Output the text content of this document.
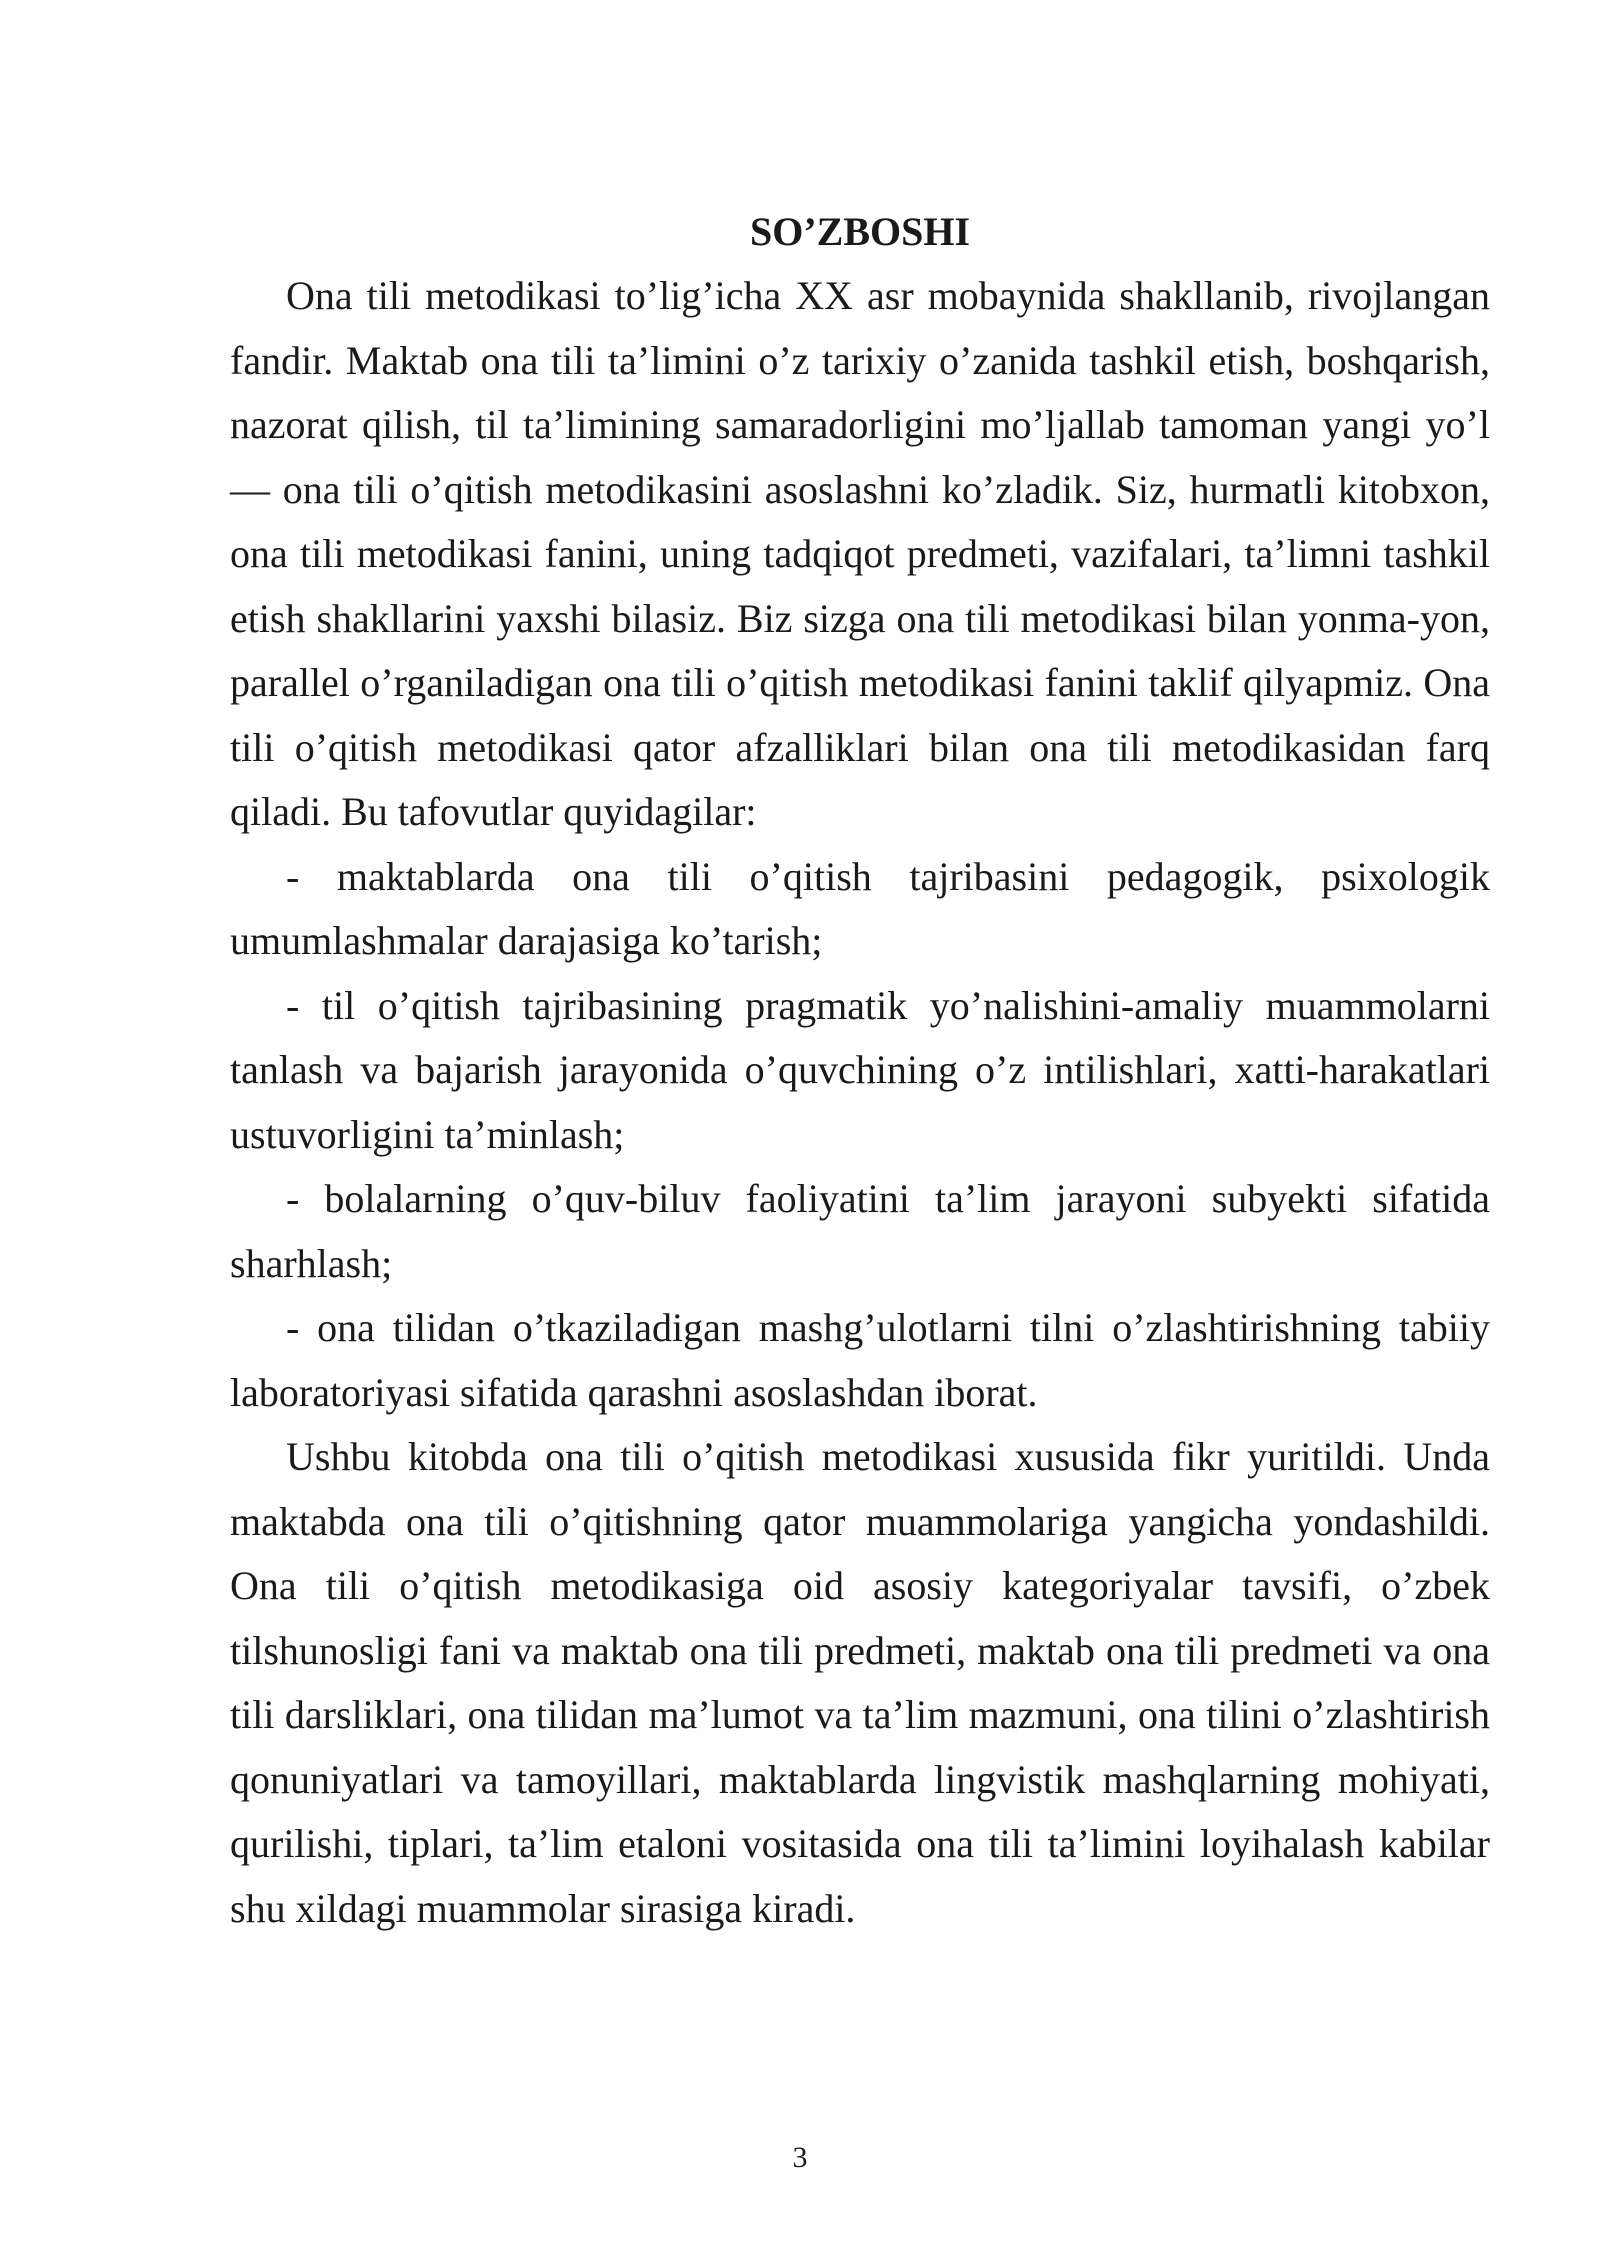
SO’ZBOSHI

Ona tili metodikasi to’lig’icha XX asr mobaynida shakllanib, rivojlangan fandir. Maktab ona tili ta’limini o’z tarixiy o’zanida tashkil etish, boshqarish, nazorat qilish, til ta’limining samaradorligini mo’ljallab tamoman yangi yo’l — ona tili o’qitish metodikasini asoslashni ko’zladik. Siz, hurmatli kitobxon, ona tili metodikasi fanini, uning tadqiqot predmeti, vazifalari, ta’limni tashkil etish shakllarini yaxshi bilasiz. Biz sizga ona tili metodikasi bilan yonma-yon, parallel o’rganiladigan ona tili o’qitish metodikasi fanini taklif qilyapmiz. Ona tili o’qitish metodikasi qator afzalliklari bilan ona tili metodikasidan farq qiladi. Bu tafovutlar quyidagilar:

- maktablarda ona tili o’qitish tajribasini pedagogik, psixologik umumlashmalar darajasiga ko’tarish;

- til o’qitish tajribasining pragmatik yo’nalishini-amaliy muammolarni tanlash va bajarish jarayonida o’quvchining o’z intilishlari, xatti-harakatlari ustuvorligini ta’minlash;

- bolalarning o’quv-biluv faoliyatini ta’lim jarayoni subyekti sifatida sharhlash;

- ona tilidan o’tkaziladigan mashg’ulotlarni tilni o’zlashtirishning tabiiy laboratoriyasi sifatida qarashni asoslashdan iborat.

Ushbu kitobda ona tili o’qitish metodikasi xususida fikr yuritildi. Unda maktabda ona tili o’qitishning qator muammolariga yangicha yondashildi. Ona tili o’qitish metodikasiga oid asosiy kategoriyalar tavsifi, o’zbek tilshunosligi fani va maktab ona tili predmeti, maktab ona tili predmeti va ona tili darsliklari, ona tilidan ma’lumot va ta’lim mazmuni, ona tilini o’zlashtirish qonuniyatlari va tamoyillari, maktablarda lingvistik mashqlarning mohiyati, qurilishi, tiplari, ta’lim etaloni vositasida ona tili ta’limini loyihalash kabilar shu xildagi muammolar sirasiga kiradi.

3
